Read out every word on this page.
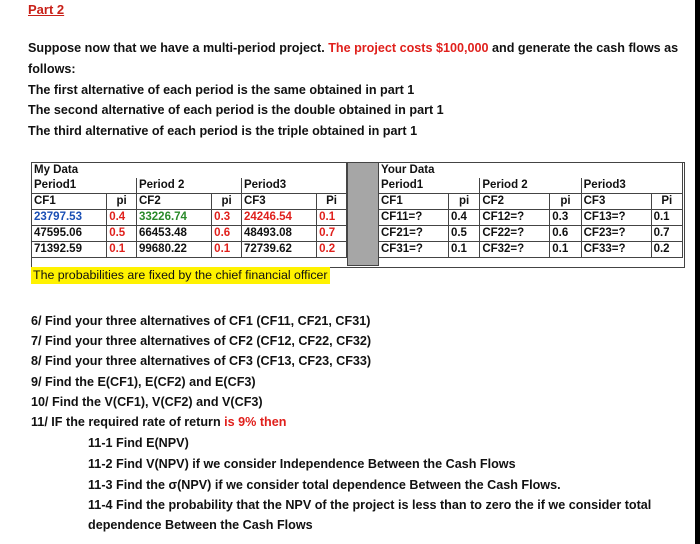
Part 2
Suppose now that we have a multi-period project. The project costs $100,000 and generate the cash flows as
follows:
The first alternative of each period is the same obtained in part 1
The second alternative of each period is the double obtained in part 1
The third alternative of each period is the triple obtained in part 1
My Data					
Period1		Period 2		Period3	
CF1	pi	CF2	pi	CF3	Pi
23797.53	0.4	33226.74	0.3	24246.54	0.1
47595.06	0.5	66453.48	0.6	48493.08	0.7
71392.59	0.1	99680.22	0.1	72739.62	0.2
Your Data					
Period1		Period 2		Period3	
CF1	pi	CF2	pi	CF3	Pi
CF11=?	0.4	CF12=?	0.3	CF13=?	0.1
CF21=?	0.5	CF22=?	0.6	CF23=?	0.7
CF31=?	0.1	CF32=?	0.1	CF33=?	0.2
The probabilities are fixed by the chief financial officer
6/ Find your three alternatives of CF1 (CF11, CF21, CF31)
7/ Find your three alternatives of CF2 (CF12, CF22, CF32)
8/ Find your three alternatives of CF3 (CF13, CF23, CF33)
9/ Find the E(CF1), E(CF2) and E(CF3)
10/ Find the V(CF1), V(CF2) and V(CF3)
11/ IF the required rate of return is 9% then
11-1 Find E(NPV)
11-2 Find V(NPV) if we consider Independence Between the Cash Flows
11-3 Find the σ(NPV) if we consider total dependence Between the Cash Flows.
11-4 Find the probability that the NPV of the project is less than to zero the if we consider total
dependence Between the Cash Flows
